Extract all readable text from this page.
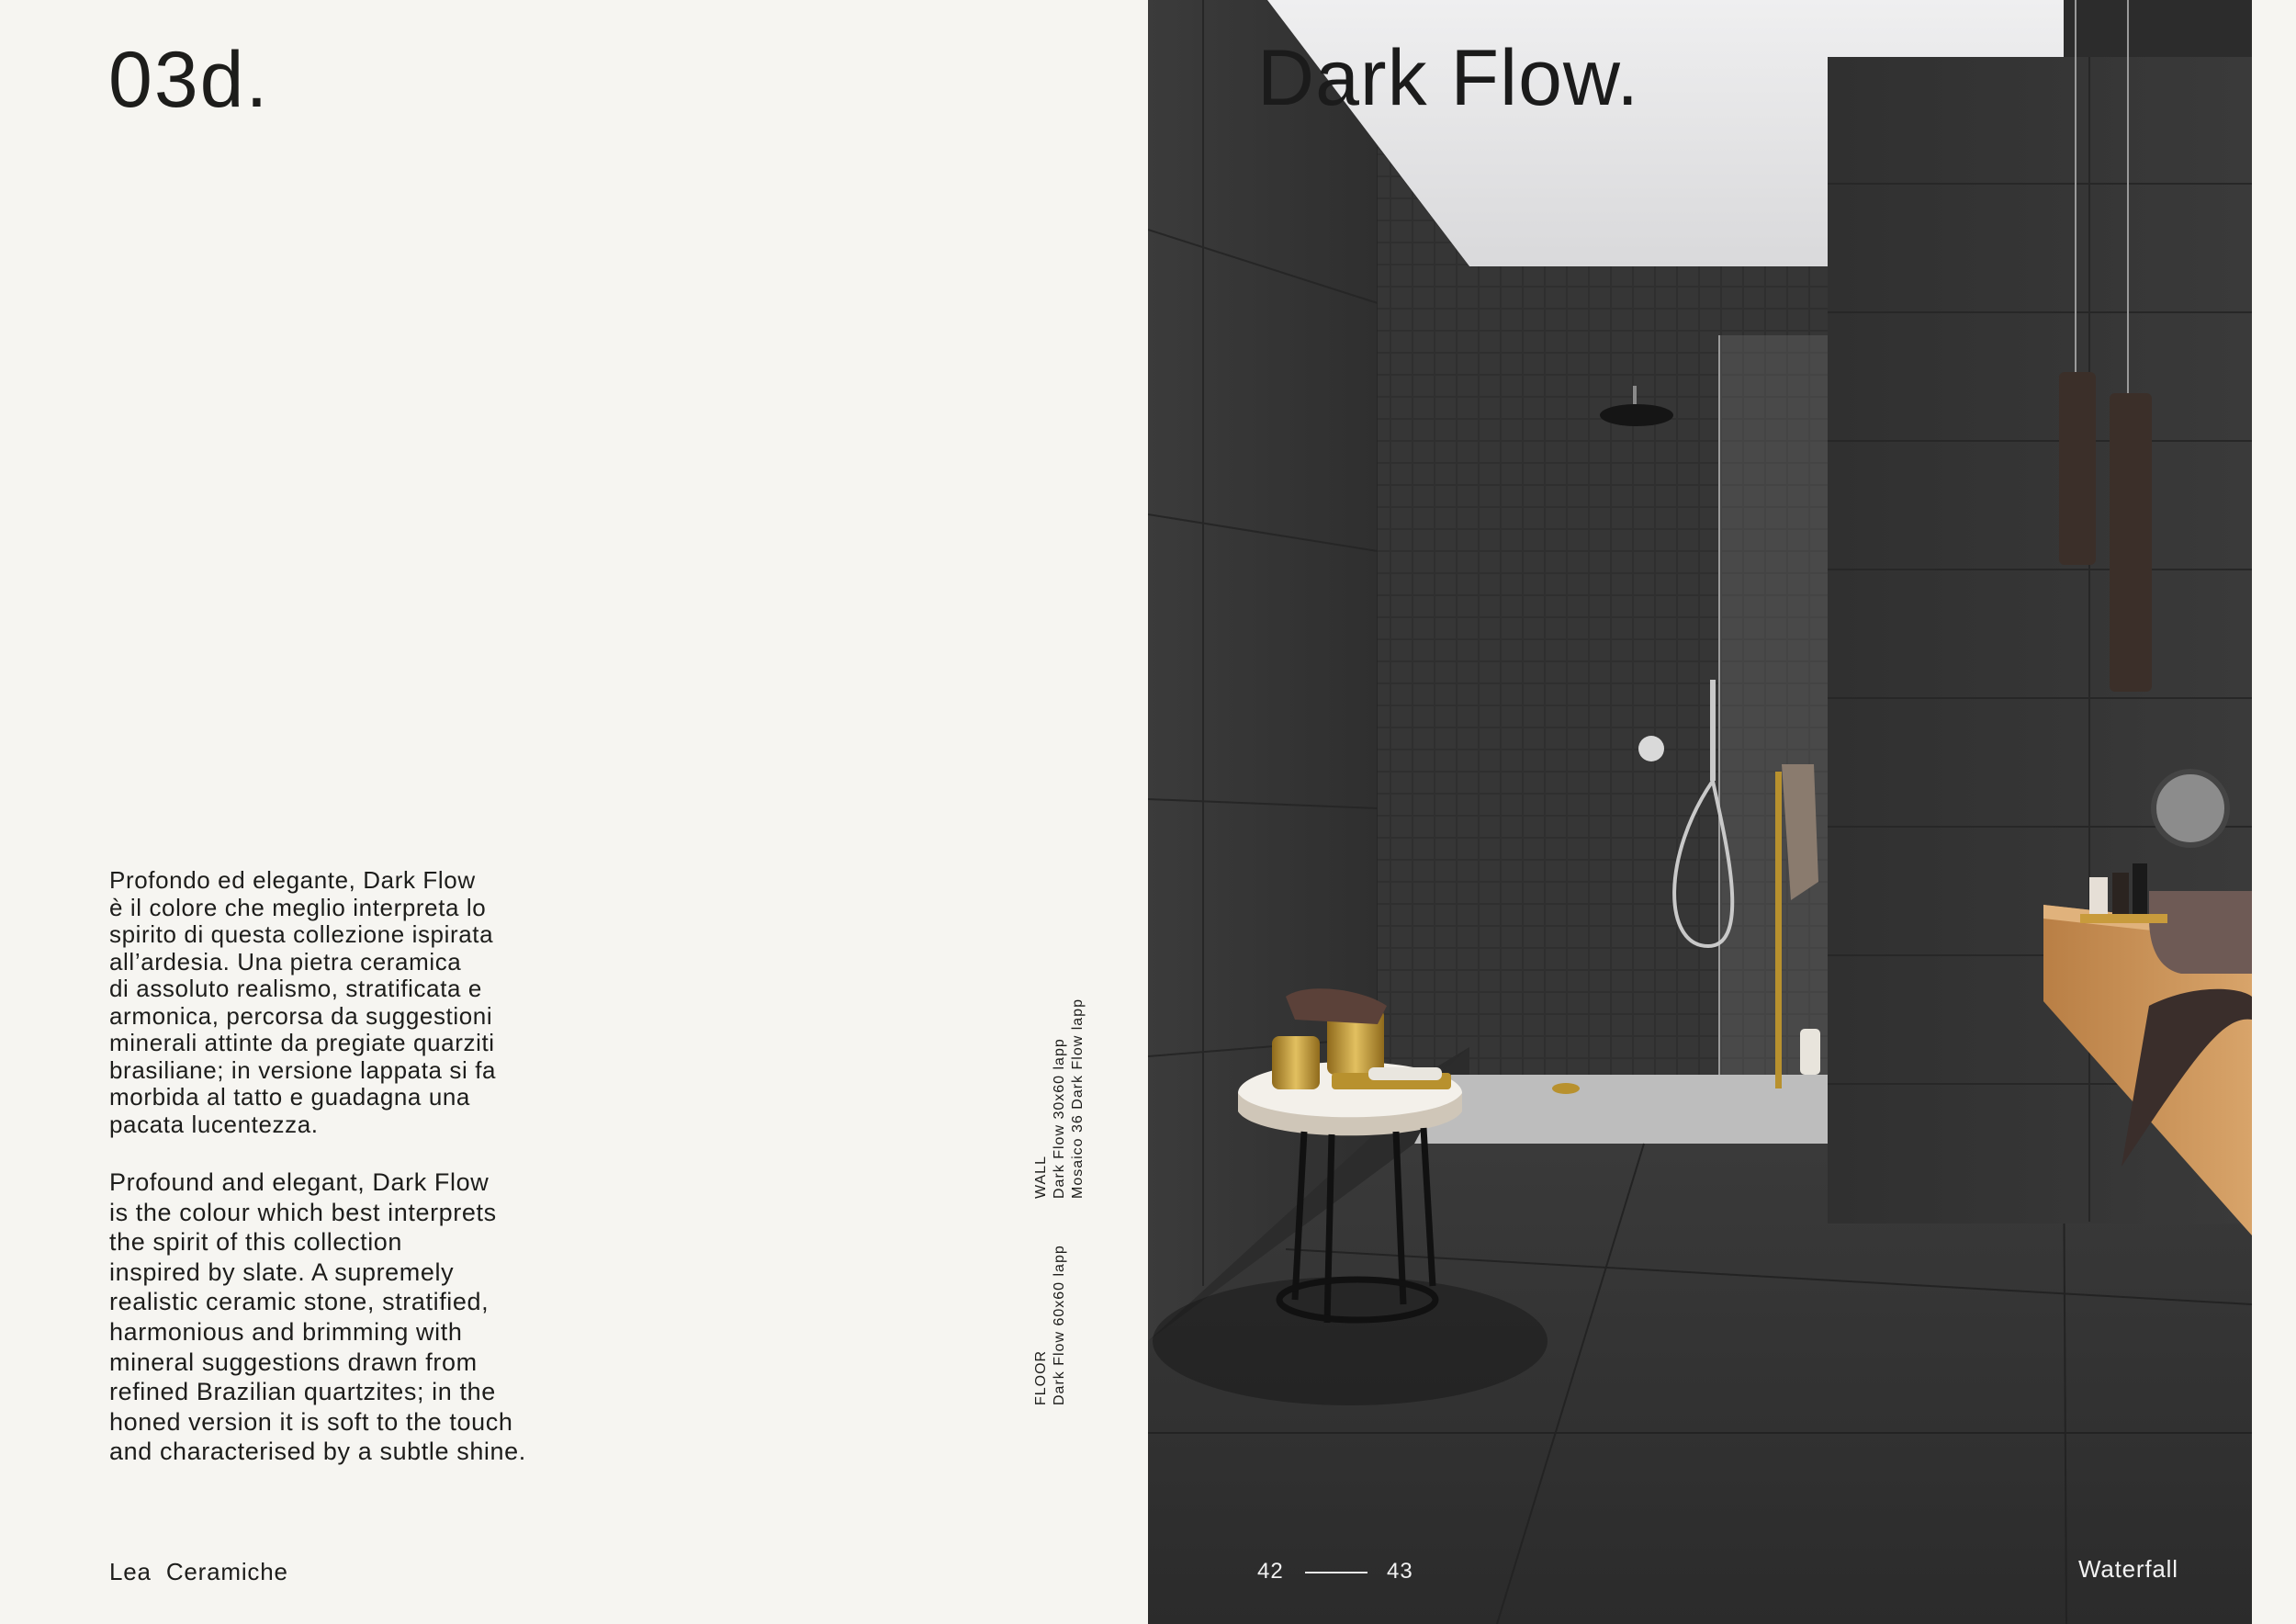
03d.
Profondo ed elegante, Dark Flow
è il colore che meglio interpreta lo
spirito di questa collezione ispirata
all’ardesia. Una pietra ceramica
di assoluto realismo, stratificata e
armonica, percorsa da suggestioni
minerali attinte da pregiate quarziti
brasiliane; in versione lappata si fa
morbida al tatto e guadagna una
pacata lucentezza.
Profound and elegant, Dark Flow
is the colour which best interprets
the spirit of this collection
inspired by slate. A supremely
realistic ceramic stone, stratified,
harmonious and brimming with
mineral suggestions drawn from
refined Brazilian quartzites; in the
honed version it is soft to the touch
and characterised by a subtle shine.
Lea  Ceramiche
WALL Dark Flow 30x60 lapp Mosaico 36 Dark Flow lapp
FLOOR Dark Flow 60x60 lapp
Dark Flow.
42	43	Waterfall
